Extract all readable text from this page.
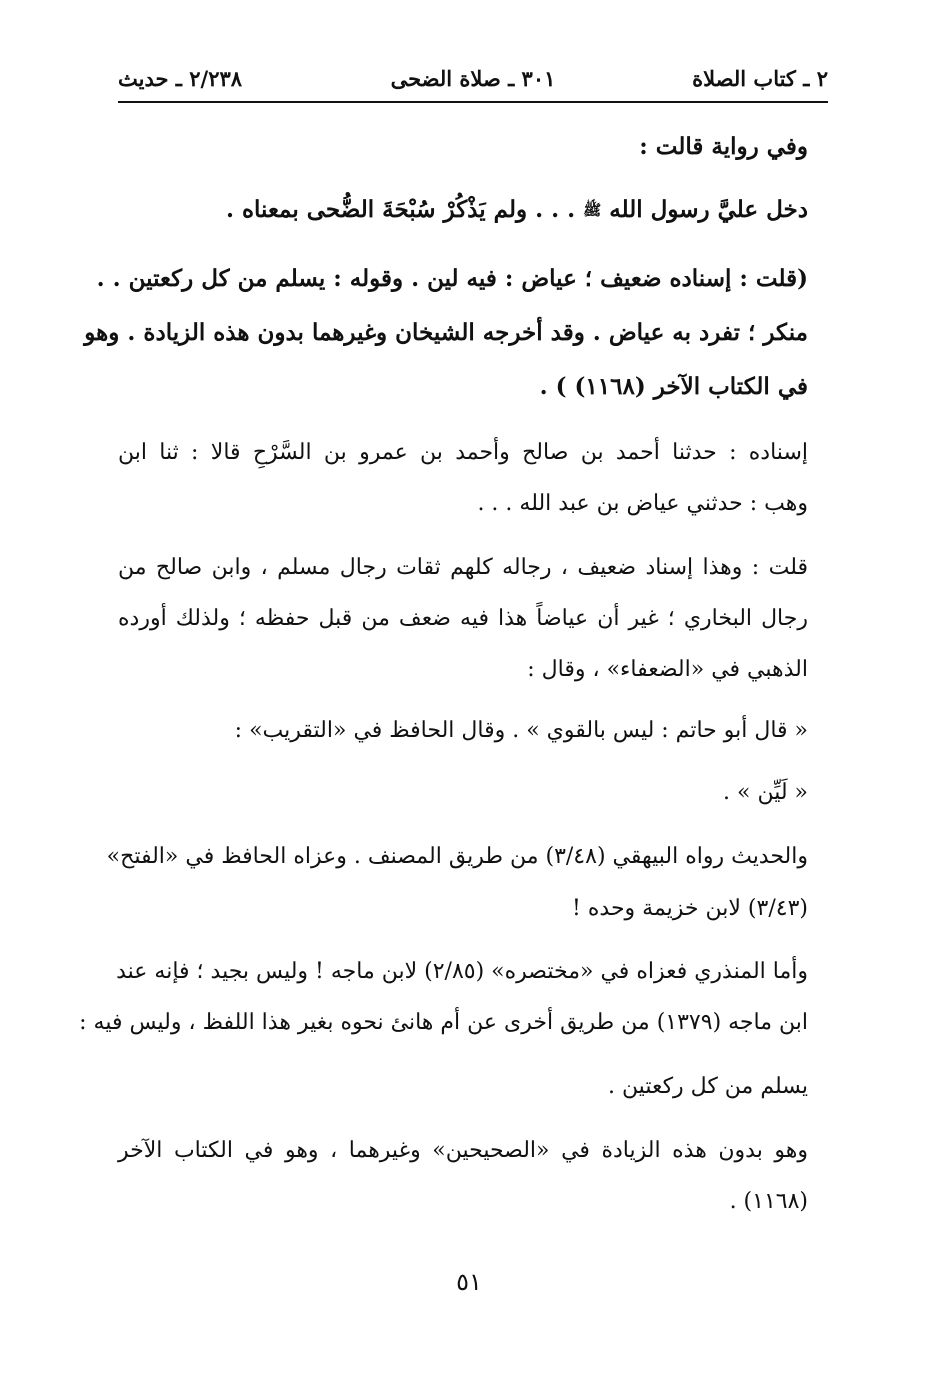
٢ ـ كتاب الصلاة
٣٠١ ـ صلاة الضحى
٢/٢٣٨ ـ حديث
وفي رواية قالت :
دخل عليَّ رسول الله ﷺ . . . ولم يَذْكُرْ سُبْحَةَ الضُّحى بمعناه .
(قلت : إسناده ضعيف ؛ عياض : فيه لين . وقوله : يسلم من كل ركعتين . .
منكر ؛ تفرد به عياض . وقد أخرجه الشيخان وغيرهما بدون هذه الزيادة . وهو
في الكتاب الآخر (١١٦٨) ) .
إسناده : حدثنا أحمد بن صالح وأحمد بن عمرو بن السَّرْحِ قالا : ثنا ابن
وهب : حدثني عياض بن عبد الله . . .
قلت : وهذا إسناد ضعيف ، رجاله كلهم ثقات رجال مسلم ، وابن صالح من
رجال البخاري ؛ غير أن عياضاً هذا فيه ضعف من قبل حفظه ؛ ولذلك أورده
الذهبي في «الضعفاء» ، وقال :
« قال أبو حاتم : ليس بالقوي » . وقال الحافظ في «التقريب» :
« لَيِّن » .
والحديث رواه البيهقي (٣/٤٨) من طريق المصنف . وعزاه الحافظ في «الفتح»
(٣/٤٣) لابن خزيمة وحده !
وأما المنذري فعزاه في «مختصره» (٢/٨٥) لابن ماجه ! وليس بجيد ؛ فإنه عند
ابن ماجه (١٣٧٩) من طريق أخرى عن أم هانئ نحوه بغير هذا اللفظ ، وليس فيه :
يسلم من كل ركعتين .
وهو بدون هذه الزيادة في «الصحيحين» وغيرهما ، وهو في الكتاب الآخر
(١١٦٨) .
٥١
